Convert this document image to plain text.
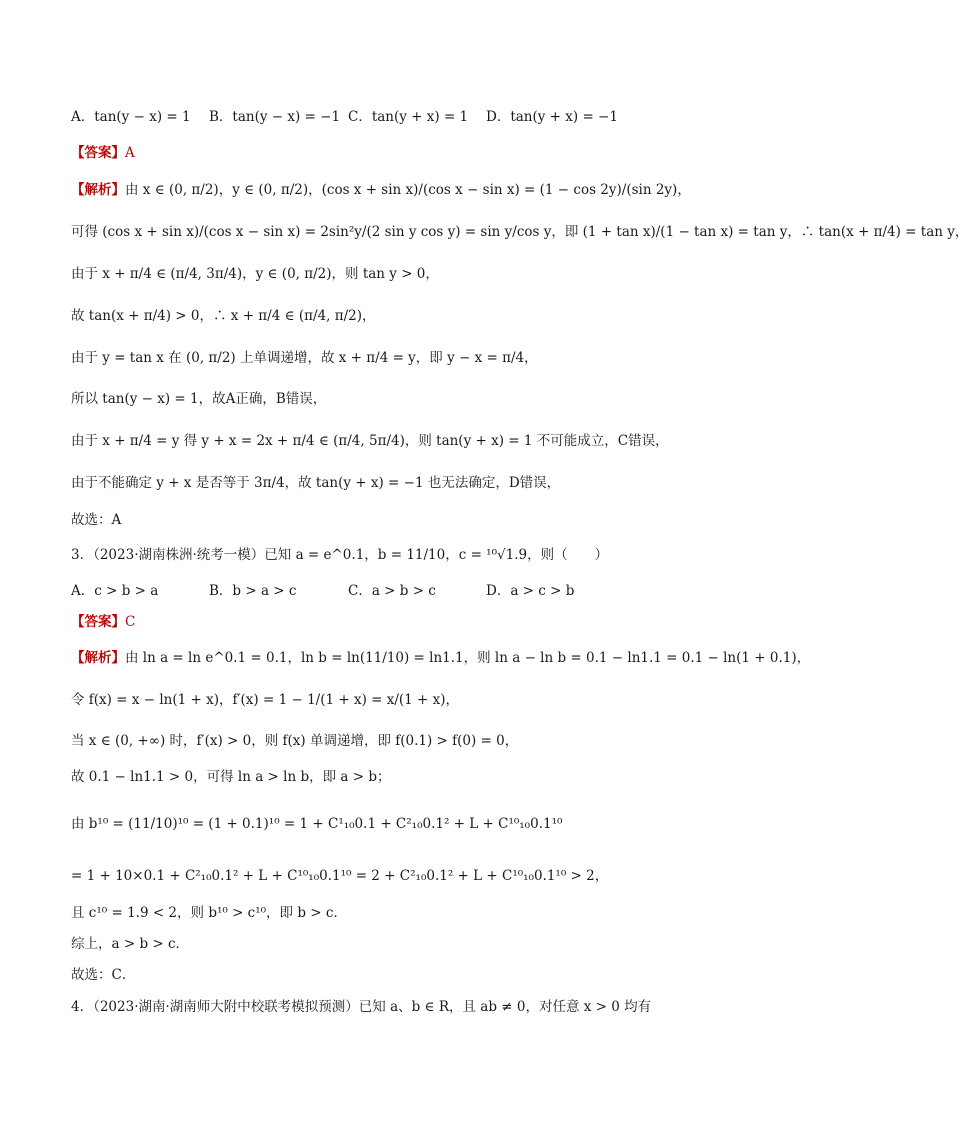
A．tan(y − x) = 1 B．tan(y − x) = −1 C．tan(y + x) = 1 D．tan(y + x) = −1
【答案】A
【解析】由 x ∈ (0, π/2)，y ∈ (0, π/2)，(cos x + sin x)/(cos x − sin x) = (1 − cos 2y)/(sin 2y)，
可得 (cos x + sin x)/(cos x − sin x) = 2sin²y/(2 sin y cos y) = sin y/cos y，即 (1 + tan x)/(1 − tan x) = tan y，∴ tan(x + π/4) = tan y，
由于 x + π/4 ∈ (π/4, 3π/4)，y ∈ (0, π/2)，则 tan y > 0，
故 tan(x + π/4) > 0，∴ x + π/4 ∈ (π/4, π/2)，
由于 y = tan x 在 (0, π/2) 上单调递增，故 x + π/4 = y，即 y − x = π/4，
所以 tan(y − x) = 1，故A正确，B错误，
由于 x + π/4 = y 得 y + x = 2x + π/4 ∈ (π/4, 5π/4)，则 tan(y + x) = 1 不可能成立，C错误，
由于不能确定 y + x 是否等于 3π/4，故 tan(y + x) = −1 也无法确定，D错误，
故选：A
3．（2023·湖南株洲·统考一模）已知 a = e^0.1，b = 11/10，c = ¹⁰√1.9，则（　　）
A．c > b > a	B．b > a > c	C．a > b > c	D．a > c > b
【答案】C
【解析】由 ln a = ln e^0.1 = 0.1，ln b = ln(11/10) = ln1.1，则 ln a − ln b = 0.1 − ln1.1 = 0.1 − ln(1 + 0.1)，
令 f(x) = x − ln(1 + x)，f′(x) = 1 − 1/(1 + x) = x/(1 + x)，
当 x ∈ (0, +∞) 时，f′(x) > 0，则 f(x) 单调递增，即 f(0.1) > f(0) = 0，
故 0.1 − ln1.1 > 0，可得 ln a > ln b，即 a > b；
由 b¹⁰ = (11/10)¹⁰ = (1 + 0.1)¹⁰ = 1 + C¹₁₀0.1 + C²₁₀0.1² + L + C¹⁰₁₀0.1¹⁰
= 1 + 10×0.1 + C²₁₀0.1² + L + C¹⁰₁₀0.1¹⁰ = 2 + C²₁₀0.1² + L + C¹⁰₁₀0.1¹⁰ > 2，
且 c¹⁰ = 1.9 < 2，则 b¹⁰ > c¹⁰，即 b > c．
综上，a > b > c．
故选：C．
4．（2023·湖南·湖南师大附中校联考模拟预测）已知 a、b ∈ R，且 ab ≠ 0，对任意 x > 0 均有
